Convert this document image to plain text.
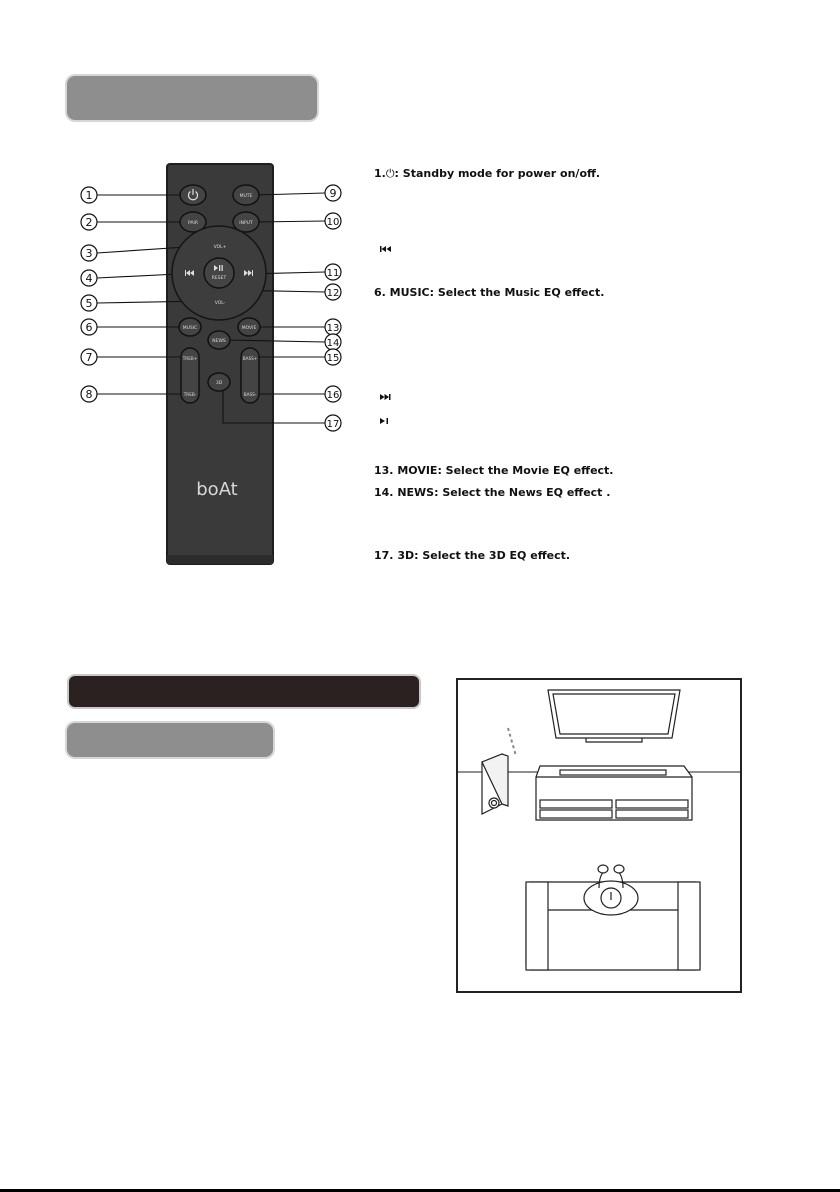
MUTE
PAIR	INPUT
VOL+
VOL-
RESET
MUSIC	MOVIE
NEWS
TREB+
TREB-
BASS+
BASS-
3D
boAt
1
2
3
4
5
6
7
8
9
10
11
12
13
14
15
16
17
1.⏻: Standby mode for power on/off.
6. MUSIC: Select the Music EQ effect.
13. MOVIE: Select the Movie EQ effect.
14. NEWS: Select the News EQ effect .
17. 3D: Select the 3D EQ effect.
